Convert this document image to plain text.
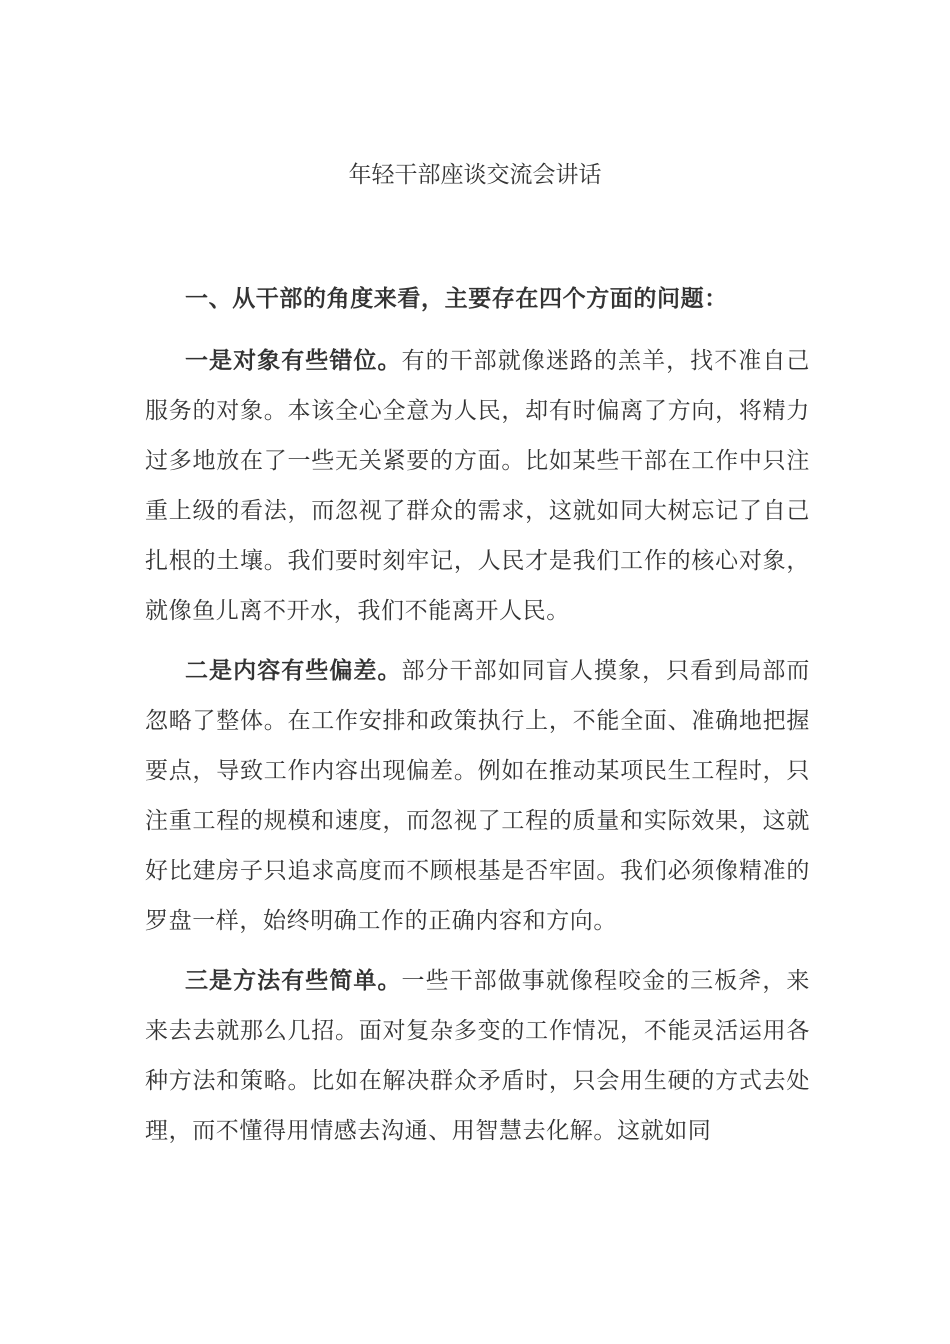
年轻干部座谈交流会讲话

一、从干部的角度来看，主要存在四个方面的问题：

一是对象有些错位。有的干部就像迷路的羔羊，找不准自己服务的对象。本该全心全意为人民，却有时偏离了方向，将精力过多地放在了一些无关紧要的方面。比如某些干部在工作中只注重上级的看法，而忽视了群众的需求，这就如同大树忘记了自己扎根的土壤。我们要时刻牢记，人民才是我们工作的核心对象，就像鱼儿离不开水，我们不能离开人民。

二是内容有些偏差。部分干部如同盲人摸象，只看到局部而忽略了整体。在工作安排和政策执行上，不能全面、准确地把握要点，导致工作内容出现偏差。例如在推动某项民生工程时，只注重工程的规模和速度，而忽视了工程的质量和实际效果，这就好比建房子只追求高度而不顾根基是否牢固。我们必须像精准的罗盘一样，始终明确工作的正确内容和方向。

三是方法有些简单。一些干部做事就像程咬金的三板斧，来来去去就那么几招。面对复杂多变的工作情况，不能灵活运用各种方法和策略。比如在解决群众矛盾时，只会用生硬的方式去处理，而不懂得用情感去沟通、用智慧去化解。这就如同
